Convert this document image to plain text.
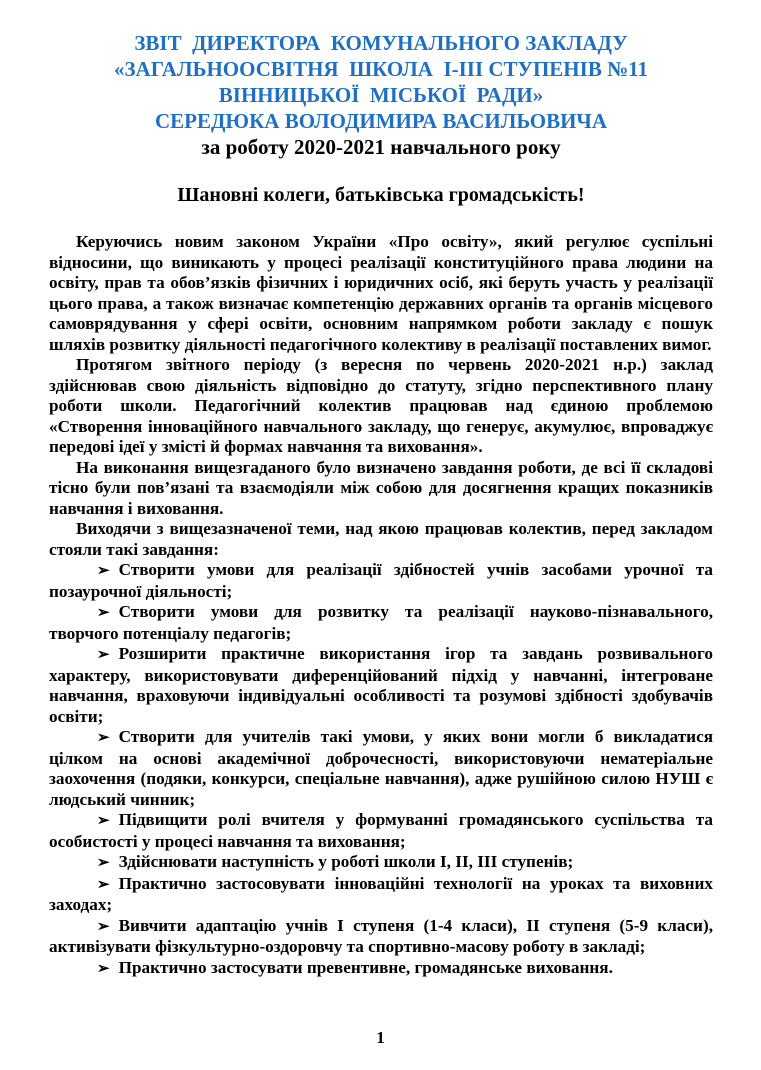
ЗВІТ  ДИРЕКТОРА  КОМУНАЛЬНОГО ЗАКЛАДУ
«ЗАГАЛЬНООСВІТНЯ  ШКОЛА  І-ІІІ СТУПЕНІВ №11
ВІННИЦЬКОЇ  МІСЬКОЇ  РАДИ»
СЕРЕДЮКА ВОЛОДИМИРА ВАСИЛЬОВИЧА
за роботу 2020-2021 навчального року
Шановні колеги, батьківська громадськість!

Керуючись новим законом України «Про освіту», який регулює суспільні відносини, що виникають у процесі реалізації конституційного права людини на освіту, прав та обов’язків фізичних і юридичних осіб, які беруть участь у реалізації цього права, а також визначає компетенцію державних органів та органів місцевого самоврядування у сфері освіти, основним напрямком роботи закладу є пошук шляхів розвитку діяльності педагогічного колективу в реалізації поставлених вимог.

Протягом звітного періоду (з вересня по червень 2020-2021 н.р.) заклад здійснював свою діяльність відповідно до статуту, згідно перспективного плану роботи школи. Педагогічний колектив працював над єдиною проблемою «Створення інноваційного навчального закладу, що генерує, акумулює, впроваджує передові ідеї у змісті й формах навчання та виховання».

На виконання вищезгаданого було визначено завдання роботи, де всі її складові тісно були пов’язані та взаємодіяли між собою для досягнення кращих показників навчання і виховання.

Виходячи з вищезазначеної теми, над якою працював колектив, перед закладом стояли такі завдання:

➢ Створити умови для реалізації здібностей учнів засобами урочної та позаурочної діяльності;

➢ Створити умови для розвитку та реалізації науково-пізнавального, творчого потенціалу педагогів;

➢ Розширити практичне використання ігор та завдань розвивального характеру, використовувати диференційований підхід у навчанні, інтегроване навчання, враховуючи індивідуальні особливості та розумові здібності здобувачів освіти;

➢ Створити для учителів такі умови, у яких вони могли б викладатися цілком на основі академічної доброчесності, використовуючи нематеріальне заохочення (подяки, конкурси, спеціальне навчання), адже рушійною силою НУШ є людський чинник;

➢ Підвищити ролі вчителя у формуванні громадянського суспільства та особистості у процесі навчання та виховання;

➢ Здійснювати наступність у роботі школи І, ІІ, ІІІ ступенів;

➢ Практично застосовувати інноваційні технології на уроках та виховних заходах;

➢ Вивчити адаптацію учнів І ступеня (1-4 класи), ІІ ступеня (5-9 класи), активізувати фізкультурно-оздоровчу та спортивно-масову роботу в закладі;

➢ Практично застосувати превентивне, громадянське виховання.

1
